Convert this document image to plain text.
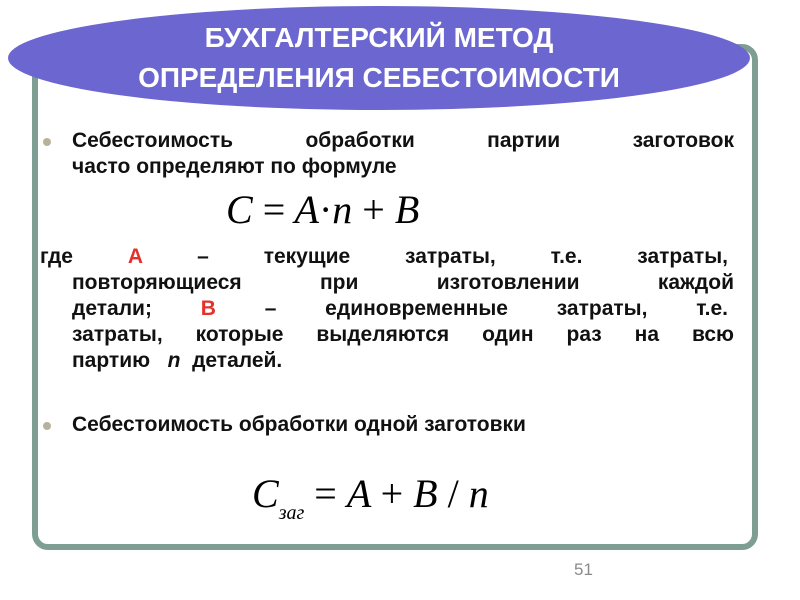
БУХГАЛТЕРСКИЙ МЕТОД
ОПРЕДЕЛЕНИЯ СЕБЕСТОИМОСТИ
Себестоимость обработки партии заготовок
часто определяют по формуле
C = A·n + B
где	A	– текущие затраты, т.е. затраты,
повторяющиеся при изготовлении каждой
детали; B – единовременные затраты, т.е.
затраты, которые выделяются один раз на всю
партию n деталей.
Себестоимость обработки одной заготовки
$C_{заг} = A + B / n$
51
